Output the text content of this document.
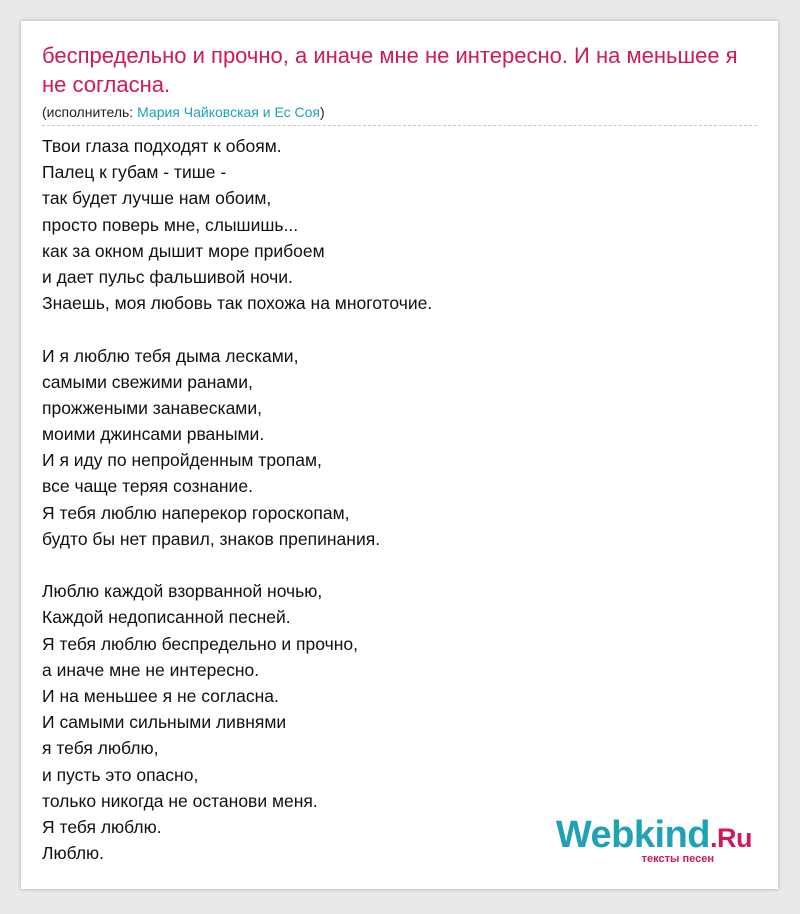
беспредельно и прочно, а иначе мне не интересно. И на меньшее я не согласна.
(исполнитель: Мария Чайковская и Ес Соя)
Твои глаза подходят к обоям.
Палец к губам - тише -
так будет лучше нам обоим,
просто поверь мне, слышишь...
как за окном дышит море прибоем
и дает пульс фальшивой ночи.
Знаешь, моя любовь так похожа на многоточие.
И я люблю тебя дыма лесками,
самыми свежими ранами,
прожжеными занавесками,
моими джинсами рваными.
И я иду по непройденным тропам,
все чаще теряя сознание.
Я тебя люблю наперекор гороскопам,
будто бы нет правил, знаков препинания.
Люблю каждой взорванной ночью,
Каждой недописанной песней.
Я тебя люблю беспредельно и прочно,
а иначе мне не интересно.
И на меньшее я не согласна.
И самыми сильными ливнями
я тебя люблю,
и пусть это опасно,
только никогда не останови меня.
Я тебя люблю.
Люблю.	Webkind.Ru
тексты песен
